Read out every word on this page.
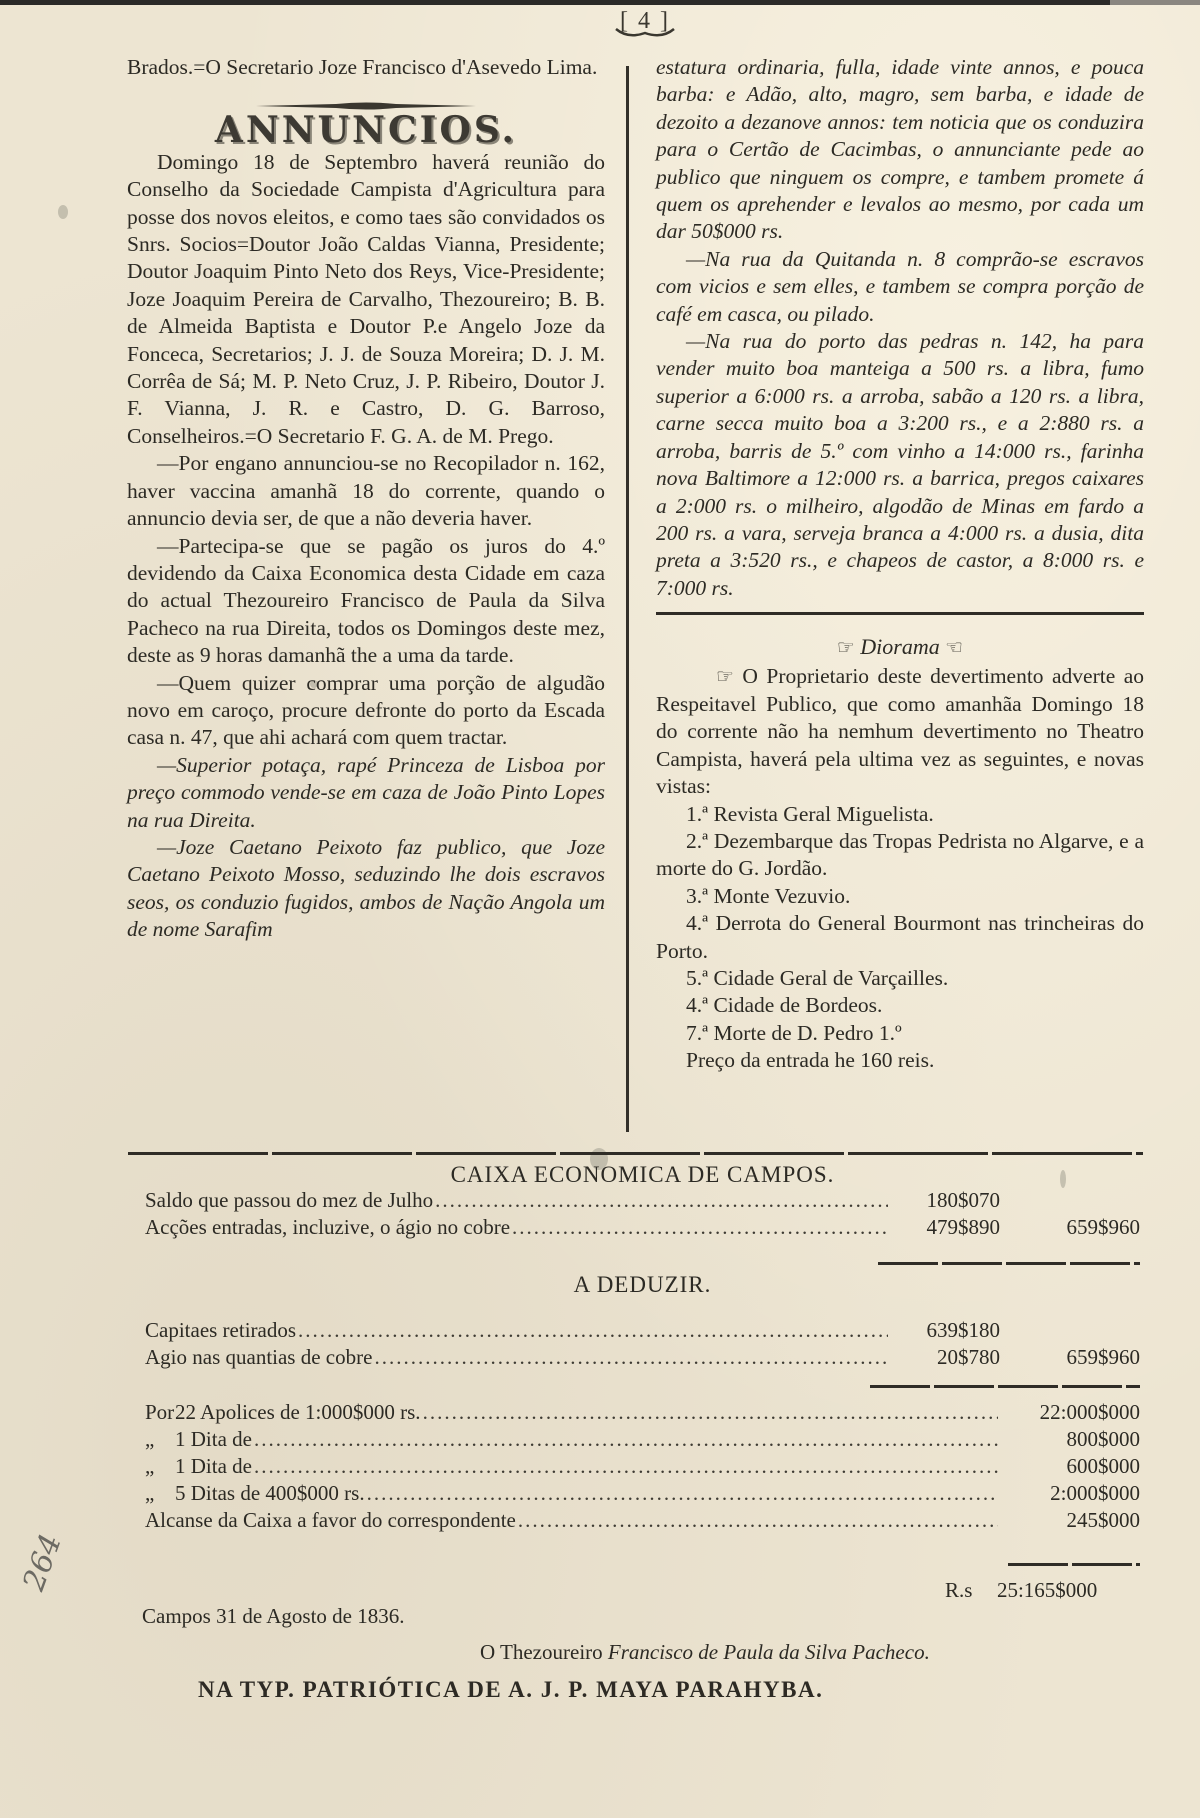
[ 4 ]

Brados.=O Secretario Joze Francisco d'Asevedo Lima.

ANNUNCIOS.

Domingo 18 de Septembro haverá reunião do Conselho da Sociedade Campista d'Agricultura para posse dos novos eleitos, e como taes são convidados os Snrs. Socios=Doutor João Caldas Vianna, Presidente; Doutor Joaquim Pinto Neto dos Reys, Vice-Presidente; Joze Joaquim Pereira de Carvalho, Thezoureiro; B. B. de Almeida Baptista e Doutor P.e Angelo Joze da Fonceca, Secretarios; J. J. de Souza Moreira; D. J. M. Corrêa de Sá; M. P. Neto Cruz, J. P. Ribeiro, Doutor J. F. Vianna, J. R. e Castro, D. G. Barroso, Conselheiros.=O Secretario F. G. A. de M. Prego.

—Por engano annunciou-se no Recopilador n. 162, haver vaccina amanhã 18 do corrente, quando o annuncio devia ser, de que a não deveria haver.

—Partecipa-se que se pagão os juros do 4.º devidendo da Caixa Economica desta Cidade em caza do actual Thezoureiro Francisco de Paula da Silva Pacheco na rua Direita, todos os Domingos deste mez, deste as 9 horas damanhã the a uma da tarde.

—Quem quizer comprar uma porção de algudão novo em caroço, procure defronte do porto da Escada casa n. 47, que ahi achará com quem tractar.

—Superior potaça, rapé Princeza de Lisboa por preço commodo vende-se em caza de João Pinto Lopes na rua Direita.

—Joze Caetano Peixoto faz publico, que Joze Caetano Peixoto Mosso, seduzindo lhe dois escravos seos, os conduzio fugidos, ambos de Nação Angola um de nome Sarafim

estatura ordinaria, fulla, idade vinte annos, e pouca barba: e Adão, alto, magro, sem barba, e idade de dezoito a dezanove annos: tem noticia que os conduzira para o Certão de Cacimbas, o annunciante pede ao publico que ninguem os compre, e tambem promete á quem os aprehender e levalos ao mesmo, por cada um dar 50$000 rs.

—Na rua da Quitanda n. 8 comprão-se escravos com vicios e sem elles, e tambem se compra porção de café em casca, ou pilado.

—Na rua do porto das pedras n. 142, ha para vender muito boa manteiga a 500 rs. a libra, fumo superior a 6:000 rs. a arroba, sabão a 120 rs. a libra, carne secca muito boa a 3:200 rs., e a 2:880 rs. a arroba, barris de 5.º com vinho a 14:000 rs., farinha nova Baltimore a 12:000 rs. a barrica, pregos caixares a 2:000 rs. o milheiro, algodão de Minas em fardo a 200 rs. a vara, serveja branca a 4:000 rs. a dusia, dita preta a 3:520 rs., e chapeos de castor, a 8:000 rs. e 7:000 rs.

☞ Diorama ☞

☞ O Proprietario deste devertimento adverte ao Respeitavel Publico, que como amanhãa Domingo 18 do corrente não ha nemhum devertimento no Theatro Campista, haverá pela ultima vez as seguintes, e novas vistas:

1.ª Revista Geral Miguelista.

2.ª Dezembarque das Tropas Pedrista no Algarve, e a morte do G. Jordão.

3.ª Monte Vezuvio.

4.ª Derrota do General Bourmont nas trincheiras do Porto.

5.ª Cidade Geral de Varçailles.

4.ª Cidade de Bordeos.

7.ª Morte de D. Pedro 1.º

Preço da entrada he 160 reis.

CAIXA ECONOMICA DE CAMPOS.
Saldo que passou do mez de Julho .....	180$070
Acções entradas, incluzive, o ágio no cobre .....	479$890	659$960
A DEDUZIR.
Capitaes retirados .....	639$180
Agio nas quantias de cobre .....	20$780	659$960
Por 22 Apolices de 1:000$000 rs. .....	22:000$000
„ 1 Dita de .....	800$000
„ 1 Dita de .....	600$000
„ 5 Ditas de 400$000 rs. .....	2:000$000
Alcanse da Caixa a favor do correspondente .....	245$000
R.s 25:165$000
Campos 31 de Agosto de 1836.
O Thezoureiro Francisco de Paula da Silva Pacheco.
NA TYP. PATRIÓTICA DE A. J. P. MAYA PARAHYBA.
264
